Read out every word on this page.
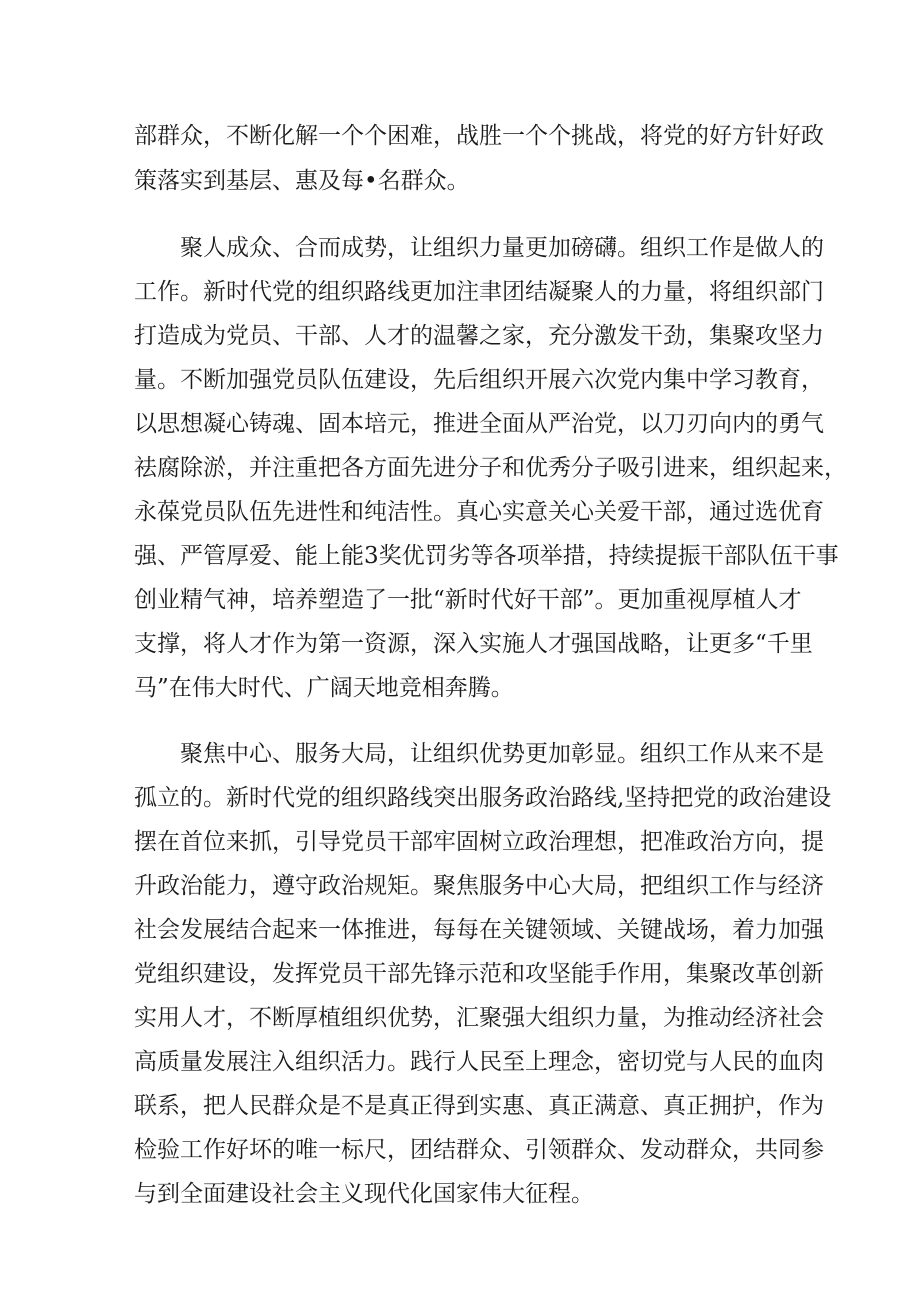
部群众，不断化解一个个困难，战胜一个个挑战，将党的好方针好政
策落实到基层、惠及每•名群众。
聚人成众、合而成势，让组织力量更加磅礴。组织工作是做人的
工作。新时代党的组织路线更加注聿团结凝聚人的力量，将组织部门
打造成为党员、干部、人才的温馨之家，充分激发干劲，集聚攻坚力
量。不断加强党员队伍建设，先后组织开展六次党内集中学习教育，
以思想凝心铸魂、固本培元，推进全面从严治党，以刀刃向内的勇气
祛腐除淤，并注重把各方面先进分子和优秀分子吸引进来，组织起来，
永葆党员队伍先进性和纯洁性。真心实意关心关爱干部，通过选优育
强、严管厚爱、能上能3奖优罚劣等各项举措，持续提振干部队伍干事
创业精气神，培养塑造了一批“新时代好干部”。更加重视厚植人才
支撑，将人才作为第一资源，深入实施人才强国战略，让更多“千里
马”在伟大时代、广阔天地竞相奔腾。
聚焦中心、服务大局，让组织优势更加彰显。组织工作从来不是
孤立的。新时代党的组织路线突出服务政治路线,坚持把党的政治建设
摆在首位来抓，引导党员干部牢固树立政治理想，把准政治方向，提
升政治能力，遵守政治规矩。聚焦服务中心大局，把组织工作与经济
社会发展结合起来一体推进，每每在关键领域、关键战场，着力加强
党组织建设，发挥党员干部先锋示范和攻坚能手作用，集聚改革创新
实用人才，不断厚植组织优势，汇聚强大组织力量，为推动经济社会
高质量发展注入组织活力。践行人民至上理念，密切党与人民的血肉
联系，把人民群众是不是真正得到实惠、真正满意、真正拥护，作为
检验工作好坏的唯一标尺，团结群众、引领群众、发动群众，共同参
与到全面建设社会主义现代化国家伟大征程。
